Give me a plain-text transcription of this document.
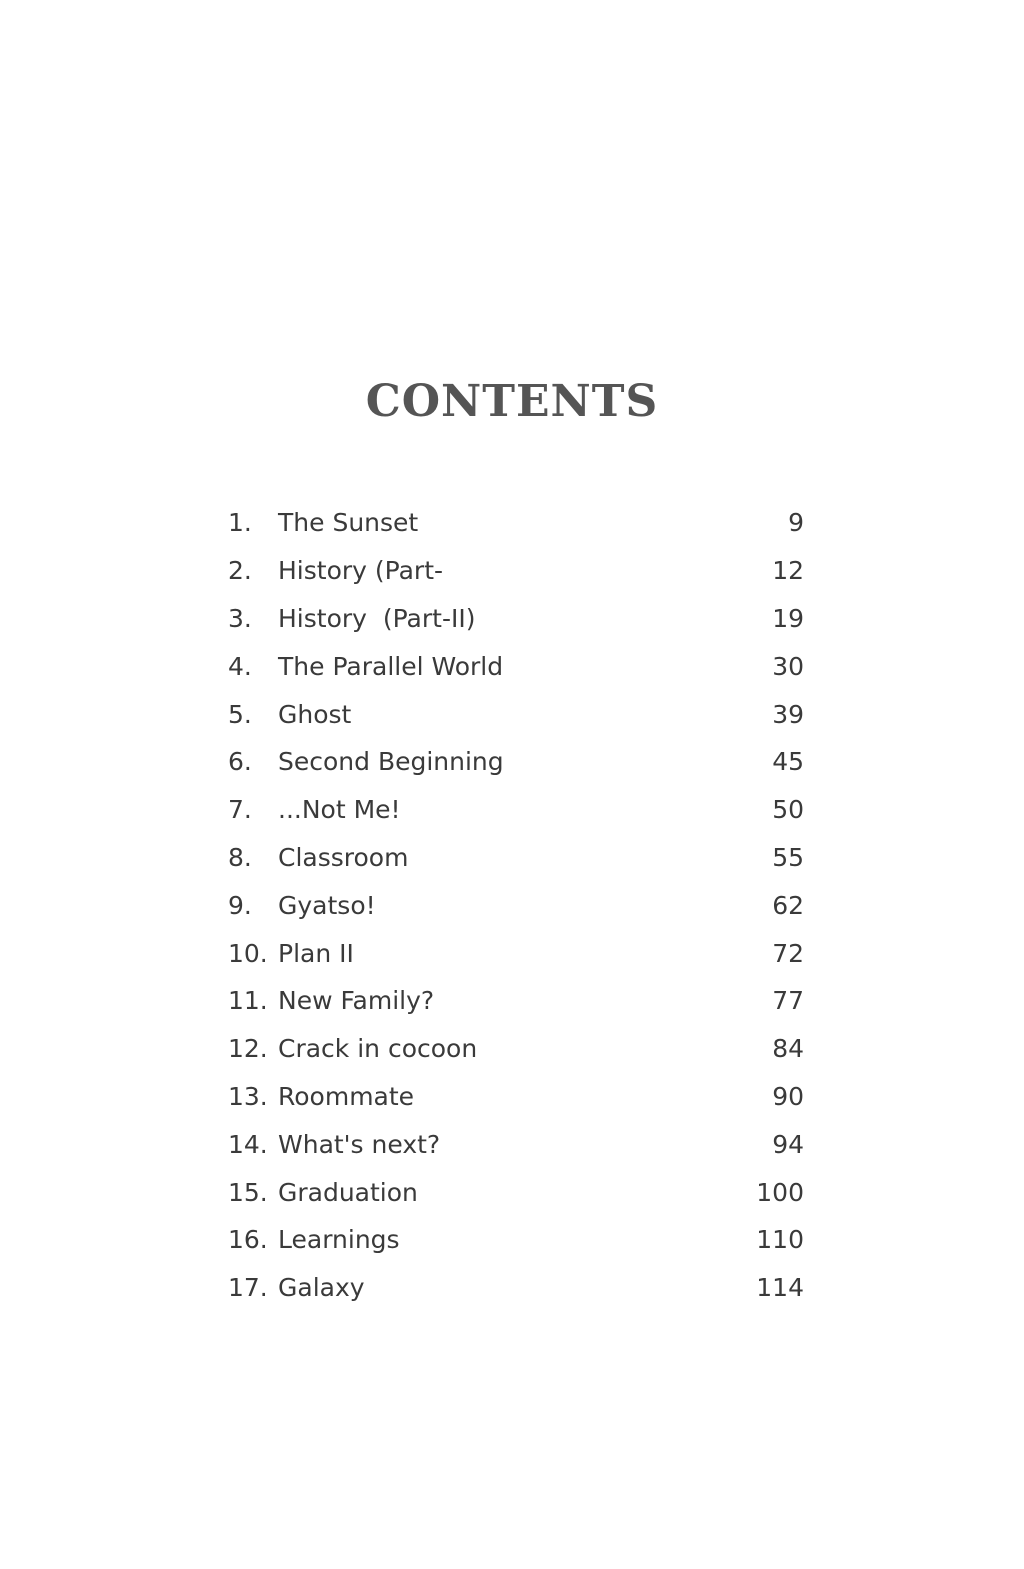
CONTENTS
1.	The Sunset	9
2.	History (Part-	12
3.	History  (Part-II)	19
4.	The Parallel World	30
5.	Ghost	39
6.	Second Beginning	45
7.	...Not Me!	50
8.	Classroom	55
9.	Gyatso!	62
10. Plan II	72
11. New Family?	77
12. Crack in cocoon	84
13. Roommate	90
14. What's next?	94
15. Graduation	100
16. Learnings	110
17. Galaxy	114
